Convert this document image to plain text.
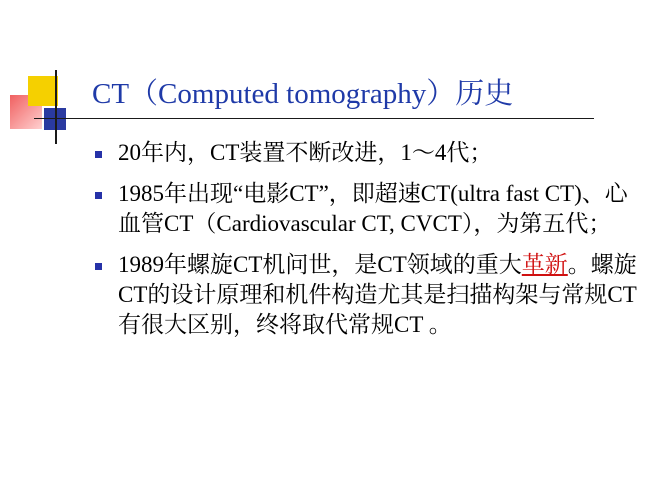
CT（Computed tomography）历史
20年内，CT装置不断改进，1～4代；
1985年出现“电影CT”，即超速CT(ultra fast CT)、心血管CT（Cardiovascular CT, CVCT），为第五代；
1989年螺旋CT机问世，是CT领域的重大革新。螺旋CT的设计原理和机件构造尤其是扫描构架与常规CT有很大区别，终将取代常规CT 。
